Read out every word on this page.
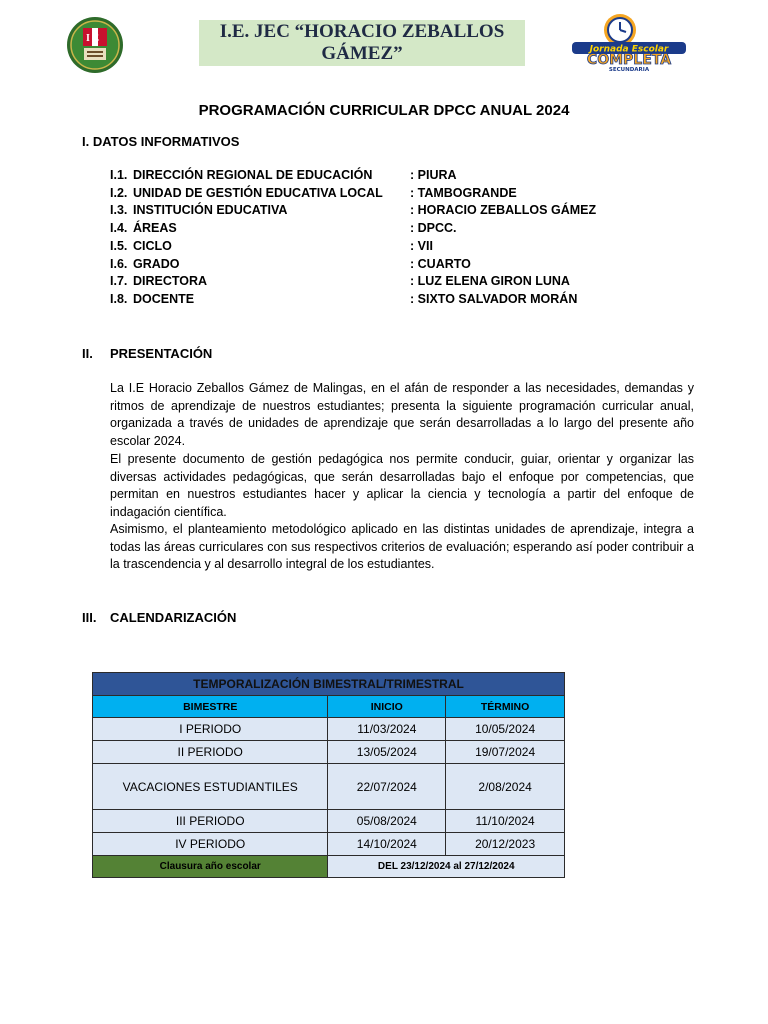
I E	I.E. JEC “HORACIO ZEBALLOS GÁMEZ”	Jornada Escolar
COMPLETA
SECUNDARIA
PROGRAMACIÓN CURRICULAR DPCC ANUAL 2024
I. DATOS INFORMATIVOS
I.1. DIRECCIÓN REGIONAL DE EDUCACIÓN	: PIURA
I.2. UNIDAD DE GESTIÓN EDUCATIVA LOCAL : TAMBOGRANDE
I.3. INSTITUCIÓN EDUCATIVA	: HORACIO ZEBALLOS GÁMEZ
I.4. ÁREAS	: DPCC.
I.5. CICLO	: VII
I.6. GRADO	: CUARTO
I.7. DIRECTORA	: LUZ ELENA GIRON LUNA
I.8. DOCENTE	: SIXTO SALVADOR MORÁN
II. PRESENTACIÓN
La I.E Horacio Zeballos Gámez de Malingas, en el afán de responder a las necesidades, demandas y ritmos de aprendizaje de nuestros estudiantes; presenta la siguiente programación curricular anual, organizada a través de unidades de aprendizaje que serán desarrolladas a lo largo del presente año escolar 2024.
El presente documento de gestión pedagógica nos permite conducir, guiar, orientar y organizar las diversas actividades pedagógicas, que serán desarrolladas bajo el enfoque por competencias, que permitan en nuestros estudiantes hacer y aplicar la ciencia y tecnología a partir del enfoque de indagación científica.
Asimismo, el planteamiento metodológico aplicado en las distintas unidades de aprendizaje, integra a todas las áreas curriculares con sus respectivos criterios de evaluación; esperando así poder contribuir a la trascendencia y al desarrollo integral de los estudiantes.
III. CALENDARIZACIÓN
TEMPORALIZACIÓN BIMESTRAL/TRIMESTRAL		
BIMESTRE	INICIO	TÉRMINO
I PERIODO	11/03/2024	10/05/2024
II PERIODO	13/05/2024	19/07/2024
VACACIONES ESTUDIANTILES	22/07/2024	2/08/2024
III PERIODO	05/08/2024	11/10/2024
IV PERIODO	14/10/2024	20/12/2023
Clausura año escolar	DEL 23/12/2024 al 27/12/2024	
